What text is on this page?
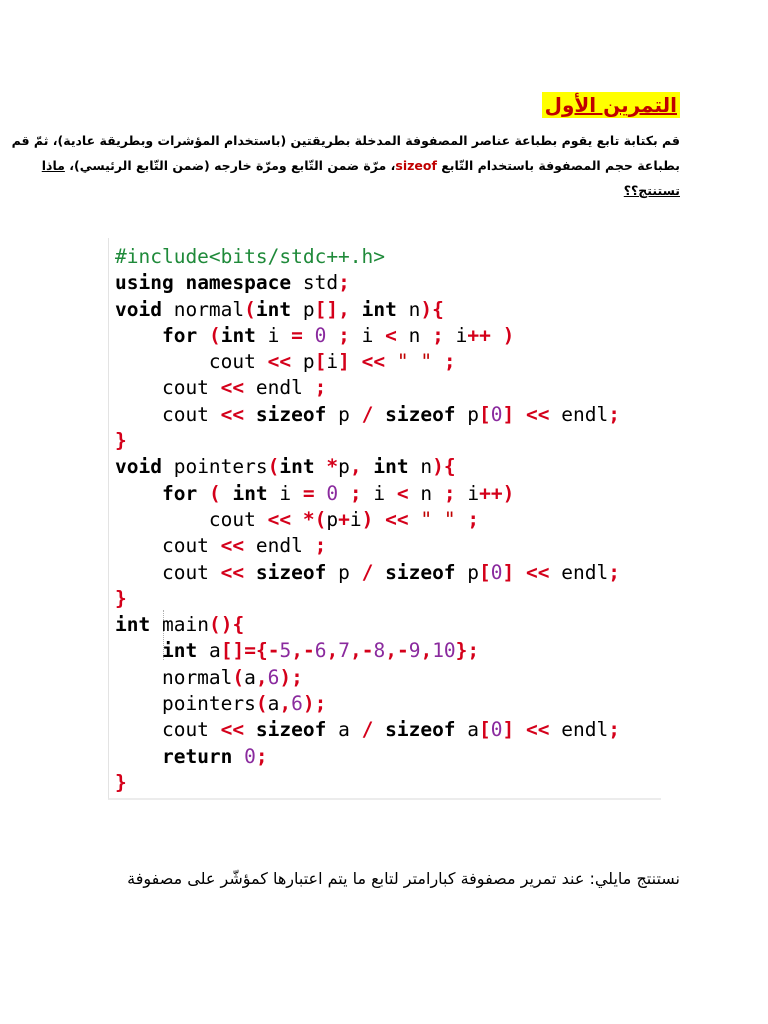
التمرين الأول
قم بكتابة تابع يقوم بطباعة عناصر المصفوفة المدخلة بطريقتين (باستخدام المؤشرات وبطريقة عادية)، ثمّ قم
بطباعة حجم المصفوفة باستخدام التّابع sizeof، مرّة ضمن التّابع ومرّة خارجه (ضمن التّابع الرئيسي)، ماذا
تستنتج؟؟
#include<bits/stdc++.h>
using namespace std;
void normal(int p[], int n){
for (int i = 0 ; i < n ; i++ )
cout << p[i] << " " ;
cout << endl ;
cout << sizeof p / sizeof p[0] << endl;
}
void pointers(int *p, int n){
for ( int i = 0 ; i < n ; i++)
cout << *(p+i) << " " ;
cout << endl ;
cout << sizeof p / sizeof p[0] << endl;
}
int main(){
int a[]={-5,-6,7,-8,-9,10};
normal(a,6);
pointers(a,6);
cout << sizeof a / sizeof a[0] << endl;
return 0;
}
نستنتج مايلي: عند تمرير مصفوفة كبارامتر لتابع ما يتم اعتبارها كمؤشّر على مصفوفة
